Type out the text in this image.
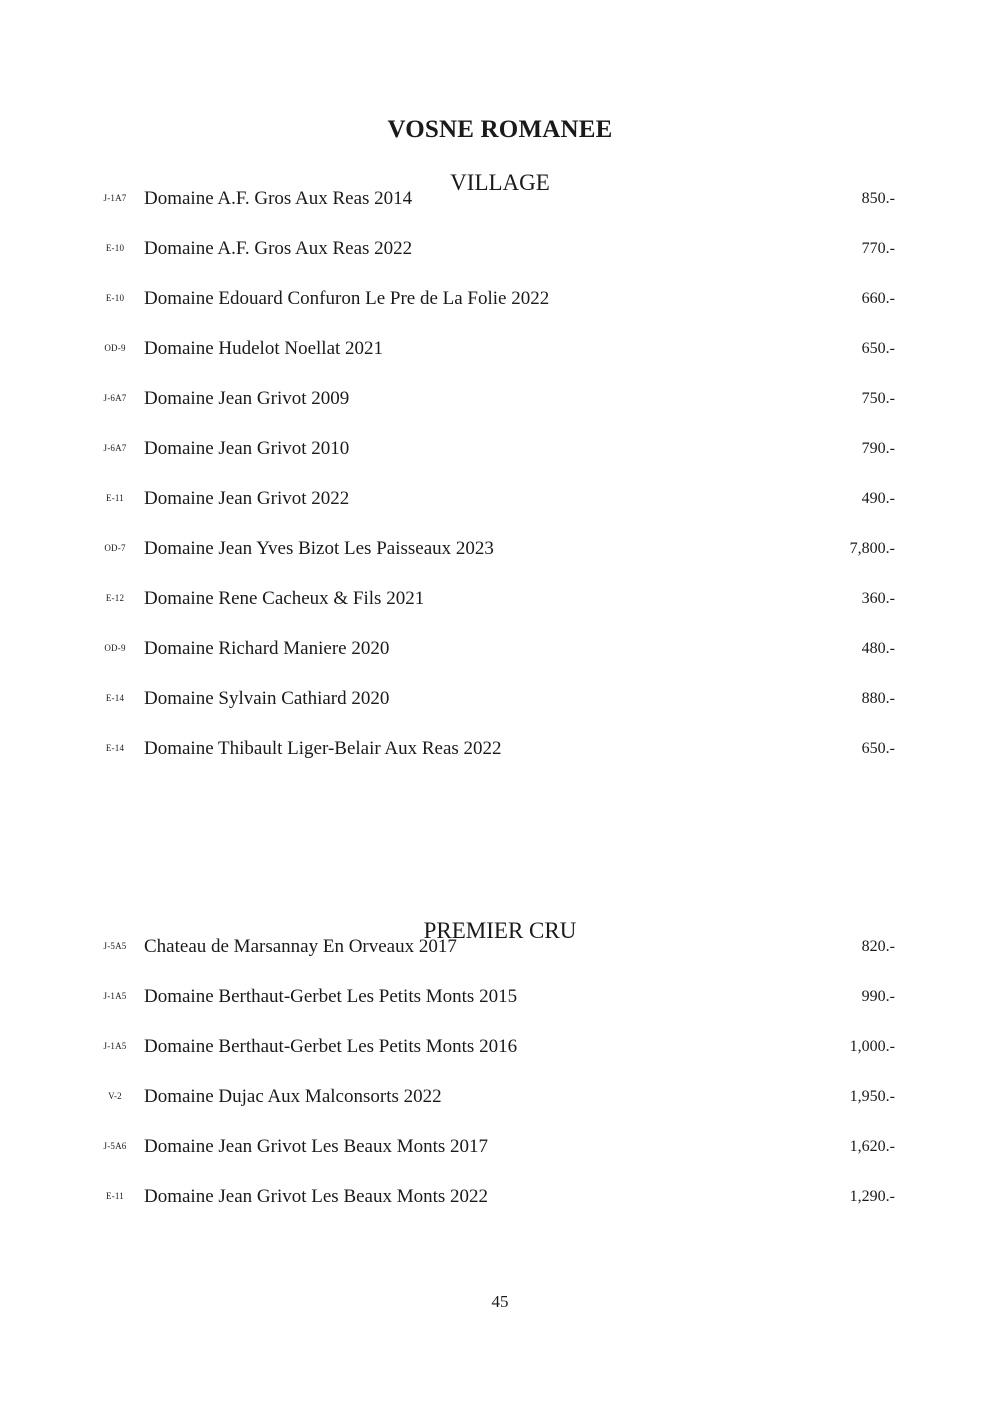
VOSNE ROMANEE
VILLAGE
J-1A7 Domaine A.F. Gros Aux Reas 2014	850.-
E-10	Domaine A.F. Gros Aux Reas 2022	770.-
E-10	Domaine Edouard Confuron Le Pre de La Folie 2022	660.-
OD-9 Domaine Hudelot Noellat 2021	650.-
J-6A7 Domaine Jean Grivot 2009	750.-
J-6A7 Domaine Jean Grivot 2010	790.-
E-11	Domaine Jean Grivot 2022	490.-
OD-7 Domaine Jean Yves Bizot Les Paisseaux 2023	7,800.-
E-12	Domaine Rene Cacheux & Fils 2021	360.-
OD-9 Domaine Richard Maniere 2020	480.-
E-14	Domaine Sylvain Cathiard 2020	880.-
E-14	Domaine Thibault Liger-Belair Aux Reas 2022	650.-
PREMIER CRU
J-5A5 Chateau de Marsannay En Orveaux 2017	820.-
J-1A5 Domaine Berthaut-Gerbet Les Petits Monts 2015	990.-
J-1A5 Domaine Berthaut-Gerbet Les Petits Monts 2016	1,000.-
V-2	Domaine Dujac Aux Malconsorts 2022	1,950.-
J-5A6 Domaine Jean Grivot Les Beaux Monts 2017	1,620.-
E-11	Domaine Jean Grivot Les Beaux Monts 2022	1,290.-
45
